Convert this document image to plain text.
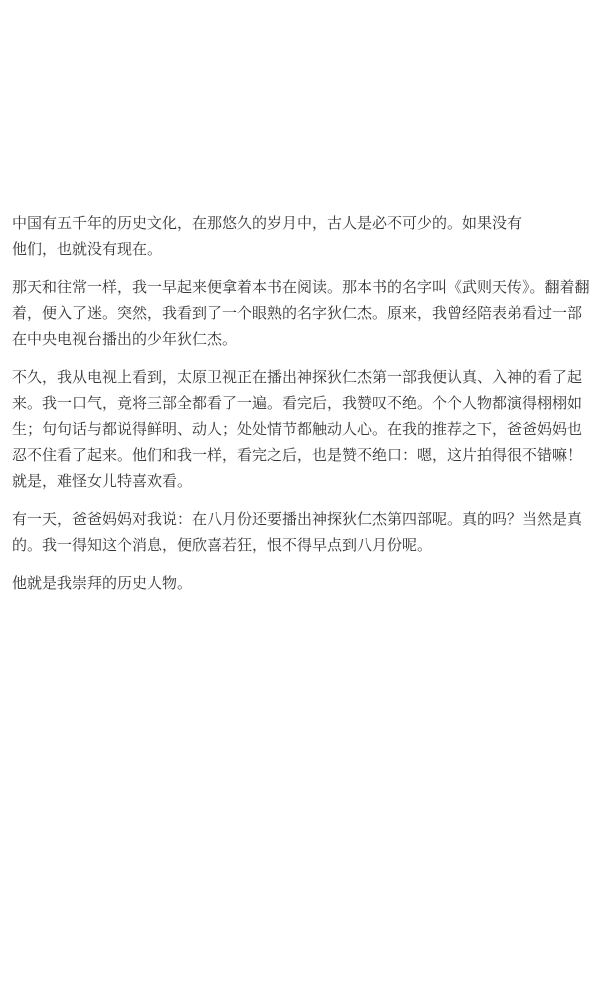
中国有五千年的历史文化，在那悠久的岁月中，古人是必不可少的。如果没有他们，也就没有现在。

那天和往常一样，我一早起来便拿着本书在阅读。那本书的名字叫《武则天传》。翻着翻着，便入了迷。突然，我看到了一个眼熟的名字狄仁杰。原来，我曾经陪表弟看过一部在中央电视台播出的少年狄仁杰。

不久，我从电视上看到，太原卫视正在播出神探狄仁杰第一部我便认真、入神的看了起来。我一口气，竟将三部全都看了一遍。看完后，我赞叹不绝。个个人物都演得栩栩如生；句句话与都说得鲜明、动人；处处情节都触动人心。在我的推荐之下，爸爸妈妈也忍不住看了起来。他们和我一样，看完之后，也是赞不绝口：嗯，这片拍得很不错嘛！ 就是，难怪女儿特喜欢看。

有一天，爸爸妈妈对我说：在八月份还要播出神探狄仁杰第四部呢。真的吗？当然是真的。我一得知这个消息，便欣喜若狂，恨不得早点到八月份呢。

他就是我崇拜的历史人物。
